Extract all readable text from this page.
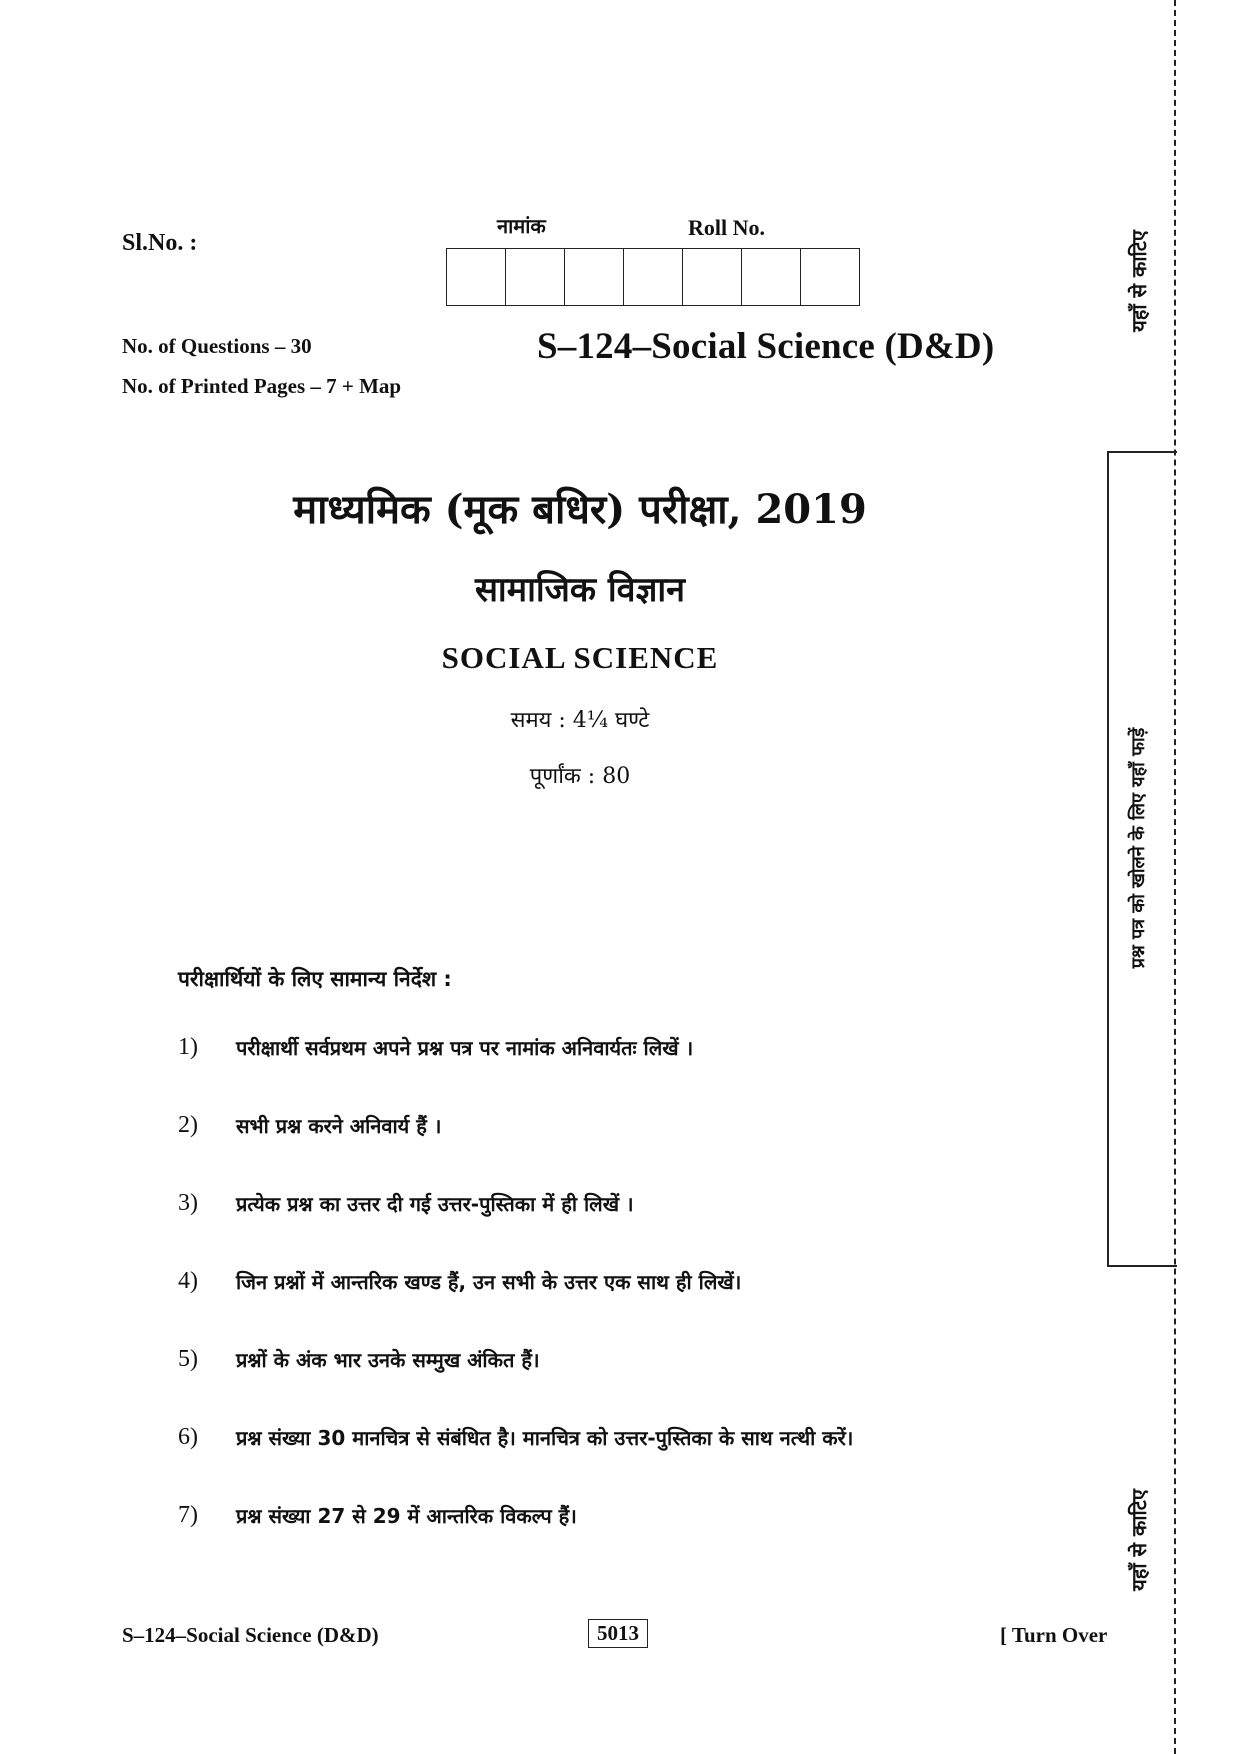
Sl.No. :
नामांक	Roll No.
No. of Questions – 30
No. of Printed Pages – 7 + Map
S–124–Social Science (D&D)
माध्यमिक (मूक बधिर) परीक्षा, 2019
सामाजिक विज्ञान
SOCIAL SCIENCE
समय : 4¼ घण्टे
पूर्णांक : 80
परीक्षार्थियों के लिए सामान्य निर्देश :
1)	परीक्षार्थी सर्वप्रथम अपने प्रश्न पत्र पर नामांक अनिवार्यतः लिखें ।
2)	सभी प्रश्न करने अनिवार्य हैं ।
3)	प्रत्येक प्रश्न का उत्तर दी गई उत्तर-पुस्तिका में ही लिखें ।
4)	जिन प्रश्नों में आन्तरिक खण्ड हैं, उन सभी के उत्तर एक साथ ही लिखें।
5)	प्रश्नों के अंक भार उनके सम्मुख अंकित हैं।
6)	प्रश्न संख्या 30 मानचित्र से संबंधित है। मानचित्र को उत्तर-पुस्तिका के साथ नत्थी करें।
7)	प्रश्न संख्या 27 से 29 में आन्तरिक विकल्प हैं।
S–124–Social Science (D&D)	5013	[ Turn Over
यहाँ से काटिए
प्रश्न पत्र को खोलने के लिए यहाँ फाड़ें
यहाँ से काटिए
